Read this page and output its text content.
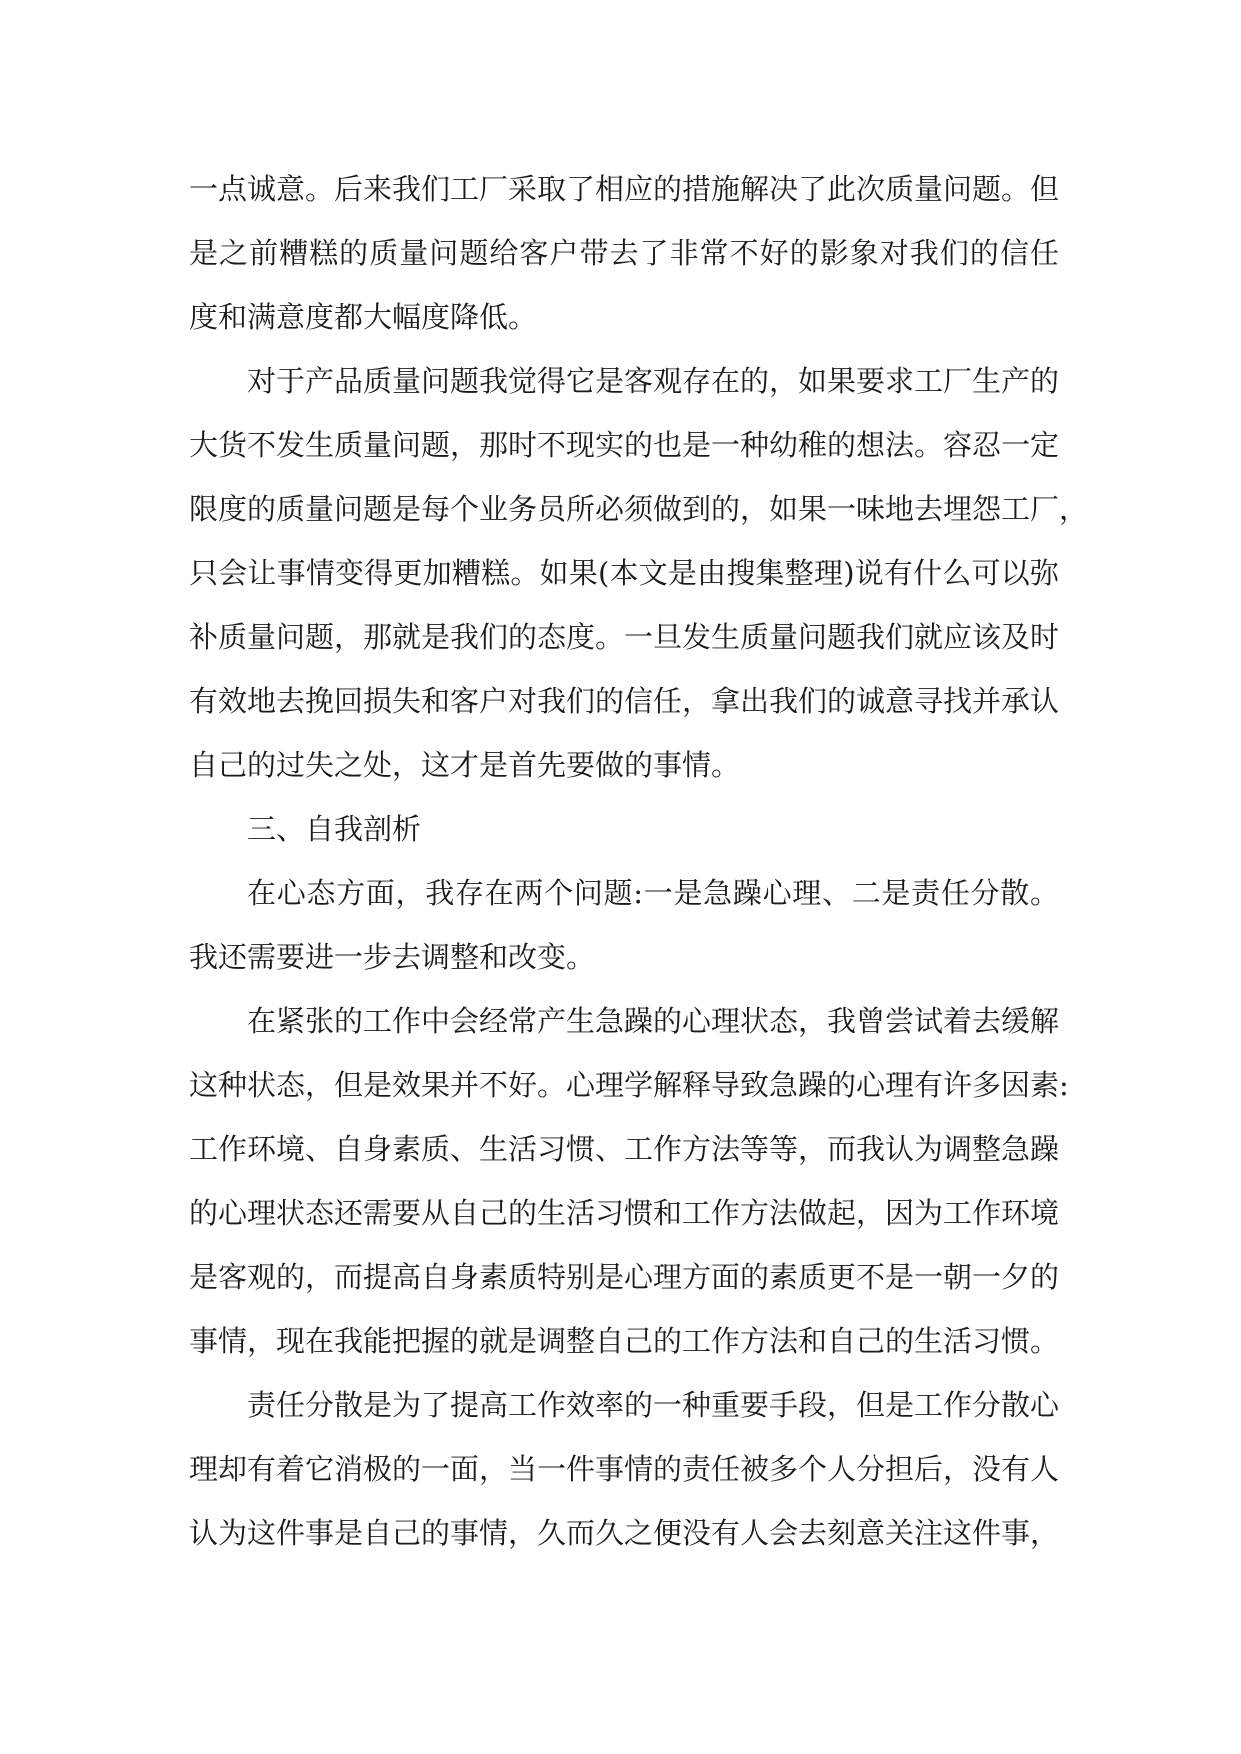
一点诚意。后来我们工厂采取了相应的措施解决了此次质量问题。但
是之前糟糕的质量问题给客户带去了非常不好的影象对我们的信任
度和满意度都大幅度降低。
对于产品质量问题我觉得它是客观存在的，如果要求工厂生产的
大货不发生质量问题，那时不现实的也是一种幼稚的想法。容忍一定
限度的质量问题是每个业务员所必须做到的，如果一味地去埋怨工厂，
只会让事情变得更加糟糕。如果(本文是由搜集整理)说有什么可以弥
补质量问题，那就是我们的态度。一旦发生质量问题我们就应该及时
有效地去挽回损失和客户对我们的信任，拿出我们的诚意寻找并承认
自己的过失之处，这才是首先要做的事情。
三、自我剖析
在心态方面，我存在两个问题:一是急躁心理、二是责任分散。
我还需要进一步去调整和改变。
在紧张的工作中会经常产生急躁的心理状态，我曾尝试着去缓解
这种状态，但是效果并不好。心理学解释导致急躁的心理有许多因素:
工作环境、自身素质、生活习惯、工作方法等等，而我认为调整急躁
的心理状态还需要从自己的生活习惯和工作方法做起，因为工作环境
是客观的，而提高自身素质特别是心理方面的素质更不是一朝一夕的
事情，现在我能把握的就是调整自己的工作方法和自己的生活习惯。
责任分散是为了提高工作效率的一种重要手段，但是工作分散心
理却有着它消极的一面，当一件事情的责任被多个人分担后，没有人
认为这件事是自己的事情，久而久之便没有人会去刻意关注这件事，
